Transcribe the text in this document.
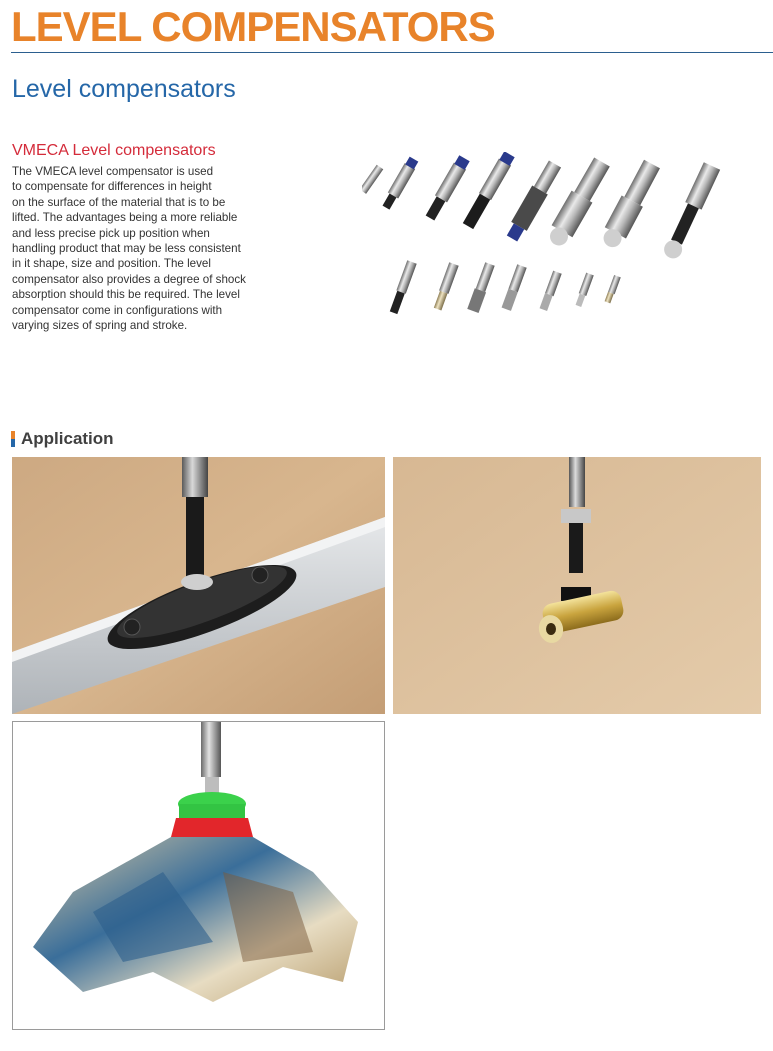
LEVEL COMPENSATORS
Level compensators
VMECA Level compensators

The VMECA level compensator is used
to compensate for differences in height
on the surface of the material that is to be
lifted. The advantages being a more reliable
and less precise pick up position when
handling product that may be less consistent
in it shape, size and position. The level
compensator also provides a degree of shock
absorption should this be required. The level
compensator come in configurations with
varying sizes of spring and stroke.

Application
